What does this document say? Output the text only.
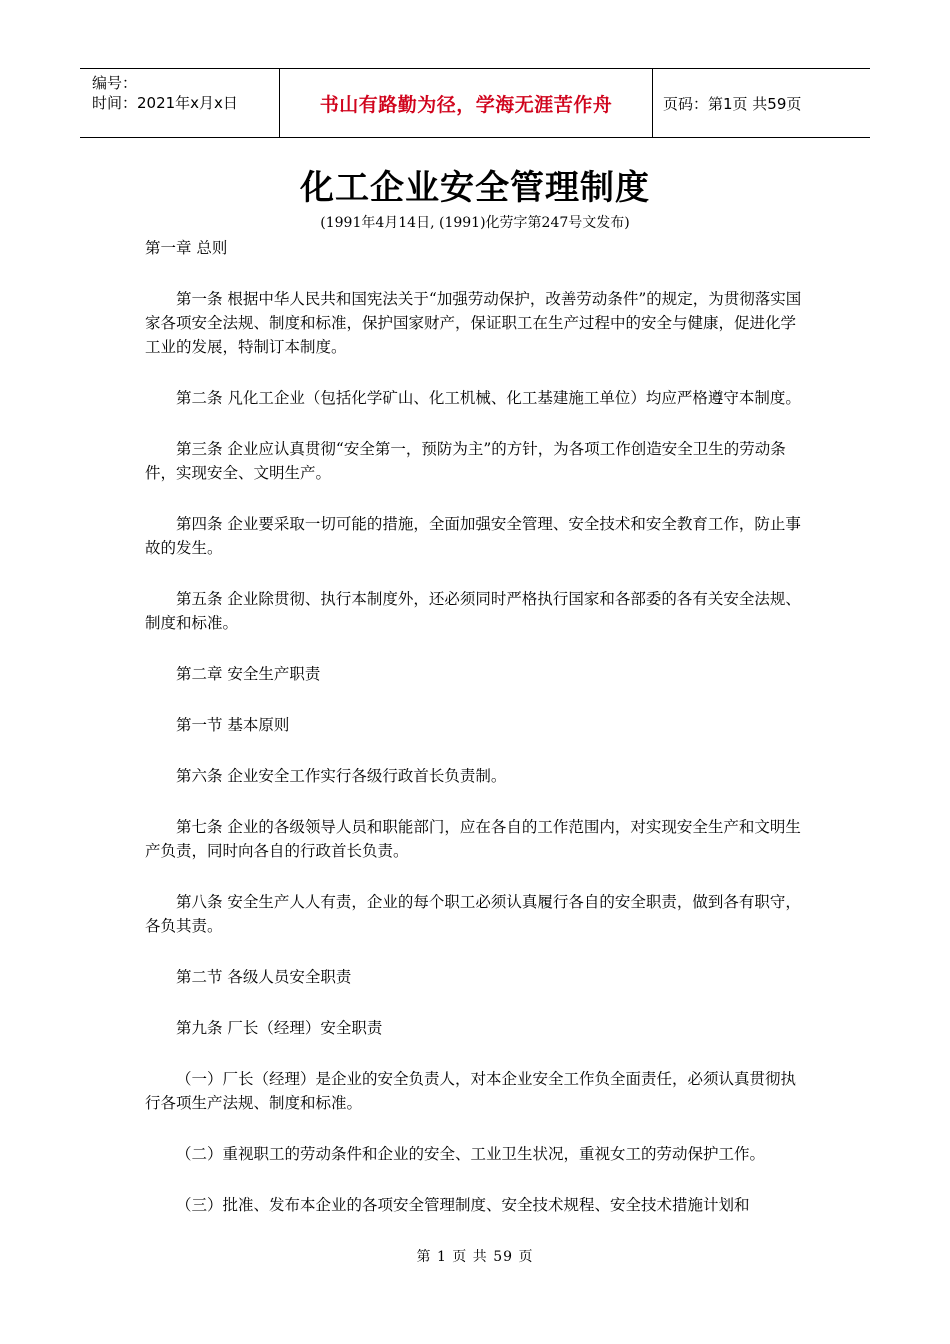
编号：
时间：2021年x月x日	书山有路勤为径，学海无涯苦作舟	页码：第1页 共59页
化工企业安全管理制度
(1991年4月14日, (1991)化劳字第247号文发布)

第一章 总则

第一条 根据中华人民共和国宪法关于“加强劳动保护，改善劳动条件”的规定，为贯彻落实国家各项安全法规、制度和标准，保护国家财产，保证职工在生产过程中的安全与健康，促进化学工业的发展，特制订本制度。

第二条 凡化工企业（包括化学矿山、化工机械、化工基建施工单位）均应严格遵守本制度。

第三条 企业应认真贯彻“安全第一，预防为主”的方针，为各项工作创造安全卫生的劳动条件，实现安全、文明生产。

第四条 企业要采取一切可能的措施，全面加强安全管理、安全技术和安全教育工作，防止事故的发生。

第五条 企业除贯彻、执行本制度外，还必须同时严格执行国家和各部委的各有关安全法规、制度和标准。

第二章 安全生产职责

第一节 基本原则

第六条 企业安全工作实行各级行政首长负责制。

第七条 企业的各级领导人员和职能部门，应在各自的工作范围内，对实现安全生产和文明生产负责，同时向各自的行政首长负责。

第八条 安全生产人人有责，企业的每个职工必须认真履行各自的安全职责，做到各有职守，各负其责。

第二节 各级人员安全职责

第九条 厂长（经理）安全职责

（一）厂长（经理）是企业的安全负责人，对本企业安全工作负全面责任，必须认真贯彻执行各项生产法规、制度和标准。

（二）重视职工的劳动条件和企业的安全、工业卫生状况，重视女工的劳动保护工作。

（三）批准、发布本企业的各项安全管理制度、安全技术规程、安全技术措施计划和

第 1 页 共 59 页
